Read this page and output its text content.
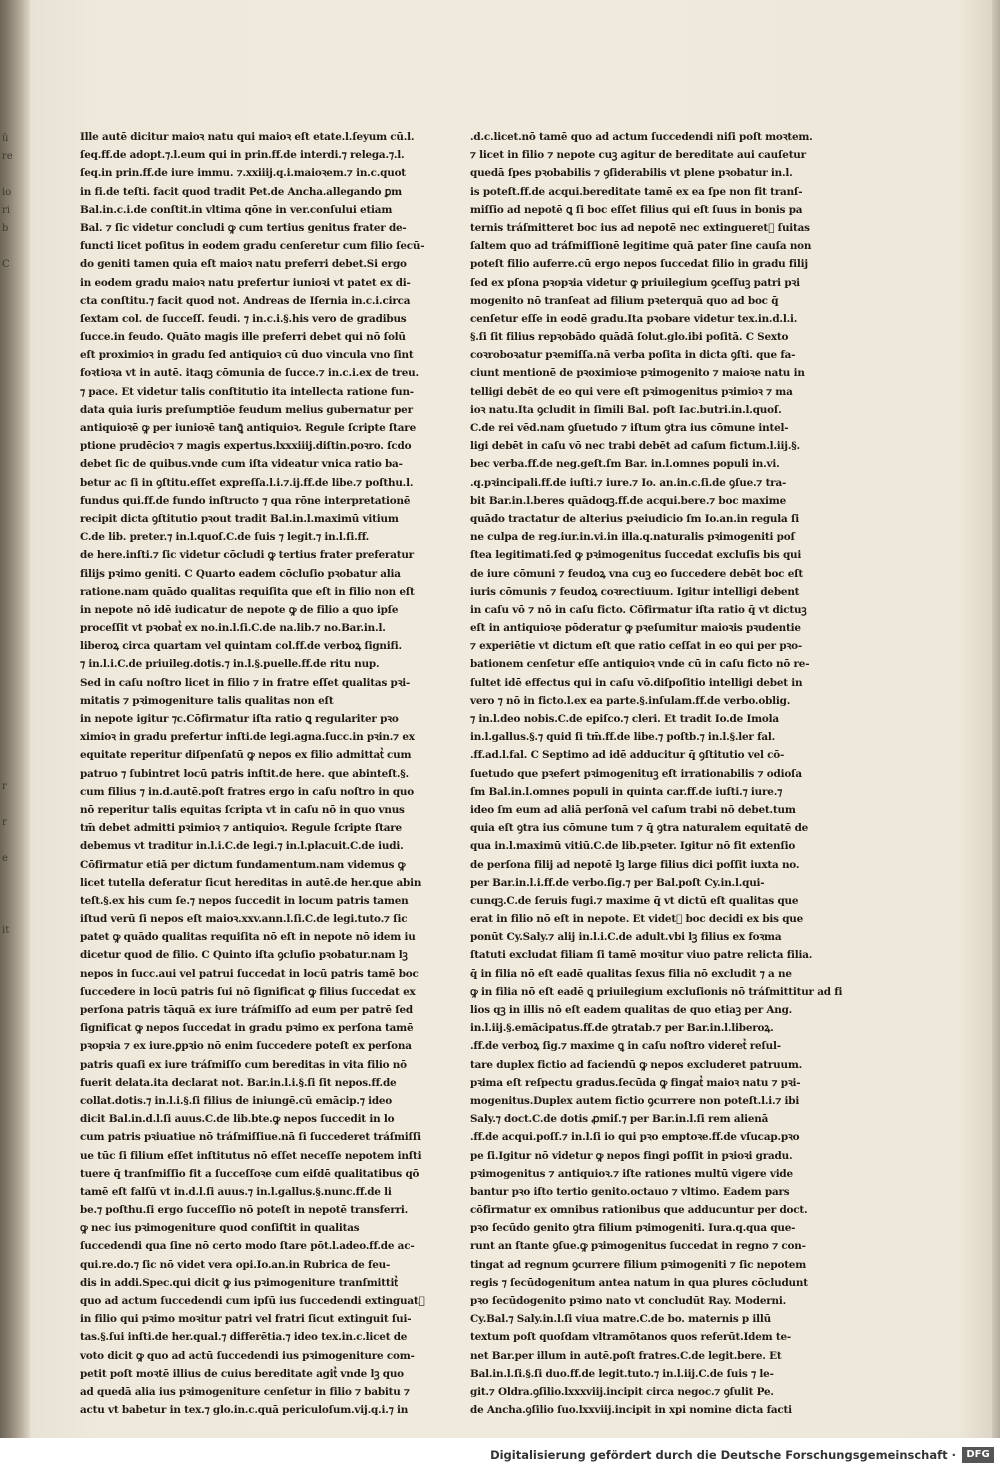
ū
re

io
ri
b

C

r

r

e

it
Ille autē dicitur maioꝛ natu qui maioꝛ eſt etate.l.ſeyum cū.l.
ſeq.ff.de adopt.⁊.l.eum qui in prin.ff.de interdi.⁊ relega.⁊.l.
ſeq.in prin.ff.de iure immu. ⁊.xxiiij.q.i.maioꝛem.⁊ in.c.quot
in fi.de teſti. facit quod tradit Pet.de Ancha.allegando ꝑm
Bal.in.c.i.de conſtit.in vltima qōne in ver.conſului etiam
Bal. ⁊ ſic videtur concludi ꝙ cum tertius genitus frater de-
functi licet poſitus in eodem gradu cenſeretur cum filio ſecū-
do geniti tamen quia eſt maioꝛ natu preferri debet.Si ergo
in eodem gradu maioꝛ natu prefertur iunioꝛi vt patet ex di-
cta conſtitu.⁊ facit quod not. Andreas de Iſernia in.c.i.circa
ſextam col. de ſucceſſ. feudi. ⁊ in.c.i.§.his vero de gradibus
ſucce.in feudo. Quāto magis ille preferri debet qui nō ſolū
eſt proximioꝛ in gradu ſed antiquioꝛ cū duo vincula vno ſint
foꝛtioꝛa vt in autē. itaqꝫ cōmunia de ſucce.⁊ in.c.i.ex de treu.
⁊ pace. Et videtur talis conſtitutio ita intellecta ratione fun-
data quia iuris preſumptiōe feudum melius gubernatur per
antiquioꝛē ꝙ per iunioꝛē tanꝗ̄ antiquioꝛ. Regule ſcripte ſtare
ptione prudēcioꝛ ⁊ magis expertus.lxxxiiij.diſtin.poꝛro. ſcdo
debet ſic de quibus.vnde cum iſta videatur vnica ratio ba-
betur ac ſi in ꝯſtitu.eſſet expreſſa.l.i.⁊.ij.ff.de libe.⁊ poſthu.l.
fundus qui.ff.de fundo inſtructo ⁊ qua rōne interpretationē
recipit dicta ꝯſtitutio pꝛout tradit Bal.in.l.maximū vitium
C.de lib. preter.⁊ in.l.quoſ.C.de ſuis ⁊ legit.⁊ in.l.ſi.ff.
de here.inſti.⁊ ſic videtur cōcludi ꝙ tertius frater preferatur
filijs pꝛimo geniti. C Quarto eadem cōcluſio pꝛobatur alia
ratione.nam quādo qualitas requiſita que eſt in filio non eſt
in nepote nō idē iudicatur de nepote ꝙ de filio a quo ipſe
proceſſit vt pꝛobatᷣ ex no.in.l.ſi.C.de na.lib.⁊ no.Bar.in.l.
liberoꝝ circa quartam vel quintam col.ff.de verboꝝ ſignifi.
⁊ in.l.i.C.de priuileg.dotis.⁊ in.l.§.puelle.ff.de ritu nup.
Sed in caſu noſtro licet in filio ⁊ in fratre eſſet qualitas pꝛi-
mitatis ⁊ pꝛimogeniture talis qualitas non eſt
in nepote igitur ⁊c.Cōfirmatur iſta ratio ꝗ regulariter pꝛo
ximioꝛ in gradu prefertur inſti.de legi.agna.ſucc.in pꝛin.⁊ ex
equitate reperitur diſpenſatū ꝙ nepos ex filio admittatᷣ cum
patruo ⁊ ſubintret locū patris inſtit.de here. que abinteſt.§.
cum filius ⁊ in.d.autē.poſt fratres ergo in caſu noſtro in quo
nō reperitur talis equitas ſcripta vt in caſu nō in quo vnus
tm̄ debet admitti pꝛimioꝛ ⁊ antiquioꝛ. Regule ſcripte ſtare
debemus vt traditur in.l.i.C.de legi.⁊ in.l.placuit.C.de iudi.
Cōfirmatur etiā per dictum fundamentum.nam videmus ꝙ
licet tutella deferatur ſicut hereditas in autē.de her.que abin
teſt.§.ex his cum ſe.⁊ nepos ſuccedit in locum patris tamen
iſtud verū ſi nepos eſt maioꝛ.xxv.ann.l.ſi.C.de legi.tuto.⁊ ſic
patet ꝙ quādo qualitas requiſita nō eſt in nepote nō idem iu
dicetur quod de filio. C Quinto iſta ꝯcluſio pꝛobatur.nam lꝫ
nepos in ſucc.aui vel patrui ſuccedat in locū patris tamē boc
ſuccedere in locū patris ſui nō ſignificat ꝙ filius ſuccedat ex
perſona patris tāquā ex iure tráſmiſſo ad eum per patrē ſed
ſignificat ꝙ nepos ſuccedat in gradu pꝛimo ex perſona tamē
pꝛopꝛia ⁊ ex iure.ꝑpꝛio nō enim ſuccedere poteſt ex perſona
patris quaſi ex iure tráſmiſſo cum bereditas in vita filio nō
fuerit delata.ita declarat not. Bar.in.l.i.§.ſi ſit nepos.ff.de
collat.dotis.⁊ in.l.i.§.ſi filius de iniungē.cū emācip.⁊ ideo
dicit Bal.in.d.l.ſi auus.C.de lib.bte.ꝙ nepos ſuccedit in lo
cum patris pꝛiuatiue nō tráſmiſſiue.nā ſi ſuccederet tráſmiſſi
ue tūc ſi filium eſſet inſtitutus nō eſſet neceſſe nepotem inſti
tuere q̄ tranſmiſſio fit a ſucceſſoꝛe cum eiſdē qualitatibus qō
tamē eſt falſū vt in.d.l.ſi auus.⁊ in.l.gallus.§.nunc.ff.de li
be.⁊ poſthu.ſi ergo ſucceſſio nō poteſt in nepotē transferri.
ꝙ nec ius pꝛimogeniture quod conſiſtit in qualitas
ſuccedendi qua ſine nō certo modo ſtare pōt.l.adeo.ff.de ac-
qui.re.do.⁊ ſic nō videt vera opi.Io.an.in Rubrica de feu-
dis in addi.Spec.qui dicit ꝙ ius pꝛimogeniture tranſmittitᷣ
quo ad actum ſuccedendi cum ipſū ius ſuccedendi extinguatᷣ
in filio qui pꝛimo moꝛitur patri vel fratri ſicut extinguit ſui-
tas.§.ſui inſti.de her.qual.⁊ differētia.⁊ ideo tex.in.c.licet de
voto dicit ꝙ quo ad actū ſuccedendi ius pꝛimogeniture com-
petit poſt moꝛtē illius de cuius bereditate agitᷣ vnde lꝫ quo
ad quedā alia ius pꝛimogeniture cenſetur in filio ⁊ babitu ⁊
actu vt babetur in tex.⁊ glo.in.c.quā periculoſum.vij.q.i.⁊ in
.d.c.licet.nō tamē quo ad actum ſuccedendi niſi poſt moꝛtem.
⁊ licet in filio ⁊ nepote cuꝫ agitur de bereditate aui cauſetur
quedā ſpes pꝛobabilis ⁊ ꝯſiderabilis vt plene pꝛobatur in.l.
is poteſt.ff.de acqui.bereditate tamē ex ea ſpe non fit tranſ-
miſſio ad nepotē ꝗ ſi boc eſſet filius qui eſt ſuus in bonis pa
ternis tráſmitteret boc ius ad nepotē nec extingueretᷣ ſuitas
ſaltem quo ad tráſmiſſionē legitime quā pater ſine cauſa non
poteſt filio auferre.cū ergo nepos ſuccedat filio in gradu filij
ſed ex pſona pꝛopꝛia videtur ꝙ priuilegium ꝯceſſuꝫ patri pꝛi
mogenito nō tranſeat ad filium pꝛeterquā quo ad boc q̄
cenſetur eſſe in eodē gradu.Ita pꝛobare videtur tex.in.d.l.i.
§.ſi ſit filius repꝛobādo quādā ſolut.glo.ibi poſitā. C Sexto
coꝛroboꝛatur pꝛemiſſa.nā verba poſita in dicta ꝯſti. que fa-
ciunt mentionē de pꝛoximioꝛe pꝛimogenito ⁊ maioꝛe natu in
telligi debēt de eo qui vere eſt pꝛimogenitus pꝛimioꝛ ⁊ ma
ioꝛ natu.Ita ꝯcludit in ſimili Bal. poſt Iac.butri.in.l.quoſ.
C.de rei vēd.nam ꝯſuetudo ⁊ iſtum ꝯtra ius cōmune intel-
ligi debēt in caſu vō nec trabi debēt ad caſum fictum.l.iij.§.
bec verba.ff.de neg.geſt.ſm Bar. in.l.omnes populi in.vi.
.q.pꝛincipali.ff.de iuſti.⁊ iure.⁊ Io. an.in.c.ſi.de ꝯſue.⁊ tra-
bit Bar.in.l.beres quādoqꝫ.ff.de acqui.bere.⁊ boc maxime
quādo tractatur de alterius pꝛeiudicio ſm Io.an.in regula ſi
ne culpa de reg.iur.in.vi.in illa.q.naturalis pꝛimogeniti poſ
ſtea legitimati.ſed ꝙ pꝛimogenitus ſuccedat excluſis bis qui
de iure cōmuni ⁊ feudoꝝ vna cuꝫ eo ſuccedere debēt boc eſt
iuris cōmunis ⁊ feudoꝝ coꝛrectiuum. Igitur intelligi debent
in caſu vō ⁊ nō in caſu ficto. Cōfirmatur iſta ratio q̄ vt dictuꝫ
eſt in antiquioꝛe pōderatur ꝙ pꝛeſumitur maioꝛis pꝛudentie
⁊ experiētie vt dictum eſt que ratio ceſſat in eo qui per pꝛo-
bationem cenſetur eſſe antiquioꝛ vnde cū in caſu ficto nō re-
ſultet idē effectus qui in caſu vō.diſpoſitio intelligi debet in
vero ⁊ nō in ficto.l.ex ea parte.§.inſulam.ff.de verbo.oblig.
⁊ in.l.deo nobis.C.de epiſco.⁊ cleri. Et tradit Io.de Imola
in.l.gallus.§.⁊ quid ſi tm̄.ff.de libe.⁊ poſtb.⁊ in.l.§.ler fal.
.ff.ad.l.fal. C Septimo ad idē adducitur q̄ ꝯſtitutio vel cō-
ſuetudo que pꝛefert pꝛimogenituꝫ eſt irrationabilis ⁊ odioſa
ſm Bal.in.l.omnes populi in quinta car.ff.de iuſti.⁊ iure.⁊
ideo ſm eum ad aliā perſonā vel caſum trabi nō debet.tum
quia eſt ꝯtra ius cōmune tum ⁊ q̄ ꝯtra naturalem equitatē de
qua in.l.maximū vitiū.C.de lib.pꝛeter. Igitur nō fit extenſio
de perſona filij ad nepotē lꝫ large filius dici poſſit iuxta no.
per Bar.in.l.i.ff.de verbo.ſig.⁊ per Bal.poſt Cy.in.l.qui-
cunqꝫ.C.de ſeruis fugi.⁊ maxime q̄ vt dictū eſt qualitas que
erat in filio nō eſt in nepote. Et videtᷣ boc decidi ex bis que
ponūt Cy.Saly.⁊ alij in.l.i.C.de adult.vbi lꝫ filius ex foꝛma
ſtatuti excludat filiam ſi tamē moꝛitur viuo patre relicta filia.
q̄ in filia nō eſt eadē qualitas ſexus filia nō excludit ⁊ a ne
ꝙ in filia nō eſt eadē ꝗ priuilegium excluſionis nō tráſmittitur ad fi
lios qꝫ in illis nō eſt eadem qualitas de quo etiaꝫ per Ang.
in.l.iij.§.emācipatus.ff.de ꝯtratab.⁊ per Bar.in.l.liberoꝝ.
.ff.de verboꝝ ſig.⁊ maxime ꝗ in caſu noſtro videretᷣ reſul-
tare duplex fictio ad faciendū ꝙ nepos excluderet patruum.
pꝛima eſt reſpectu gradus.ſecūda ꝙ fingatᷣ maioꝛ natu ⁊ pꝛi-
mogenitus.Duplex autem fictio ꝯcurrere non poteſt.l.i.⁊ ibi
Saly.⁊ doct.C.de dotis ꝓmiſ.⁊ per Bar.in.l.ſi rem alienā
.ff.de acqui.poſſ.⁊ in.l.ſi io qui pꝛo emptoꝛe.ff.de vſucap.pꝛo
pe ſi.Igitur nō videtur ꝙ nepos fingi poſſit in pꝛioꝛi gradu.
pꝛimogenitus ⁊ antiquioꝛ.⁊ iſte rationes multū vigere vide
bantur pꝛo iſto tertio genito.octauo ⁊ vltimo. Eadem pars
cōfirmatur ex omnibus rationibus que adducuntur per doct.
pꝛo ſecūdo genito ꝯtra filium pꝛimogeniti. Iura.q.qua que-
runt an ſtante ꝯſue.ꝙ pꝛimogenitus ſuccedat in regno ⁊ con-
tingat ad regnum ꝯcurrere filium pꝛimogeniti ⁊ ſic nepotem
regis ⁊ ſecūdogenitum antea natum in qua plures cōcludunt
pꝛo ſecūdogenito pꝛimo nato vt concludūt Ray. Moderni.
Cy.Bal.⁊ Saly.in.l.ſi viua matre.C.de bo. maternis p illū
textum poſt quoſdam vltramōtanos quos referūt.Idem te-
net Bar.per illum in autē.poſt fratres.C.de legit.bere. Et
Bal.in.l.ſi.§.ſi duo.ff.de legit.tuto.⁊ in.l.iij.C.de ſuis ⁊ le-
git.⁊ Oldra.ꝯſilio.lxxxviij.incipit circa negoc.⁊ ꝯſulit Pe.
de Ancha.ꝯſilio ſuo.lxxviij.incipit in xpi nomine dicta facti
Digitalisierung gefördert durch die Deutsche Forschungsgemeinschaft ·	DFG
